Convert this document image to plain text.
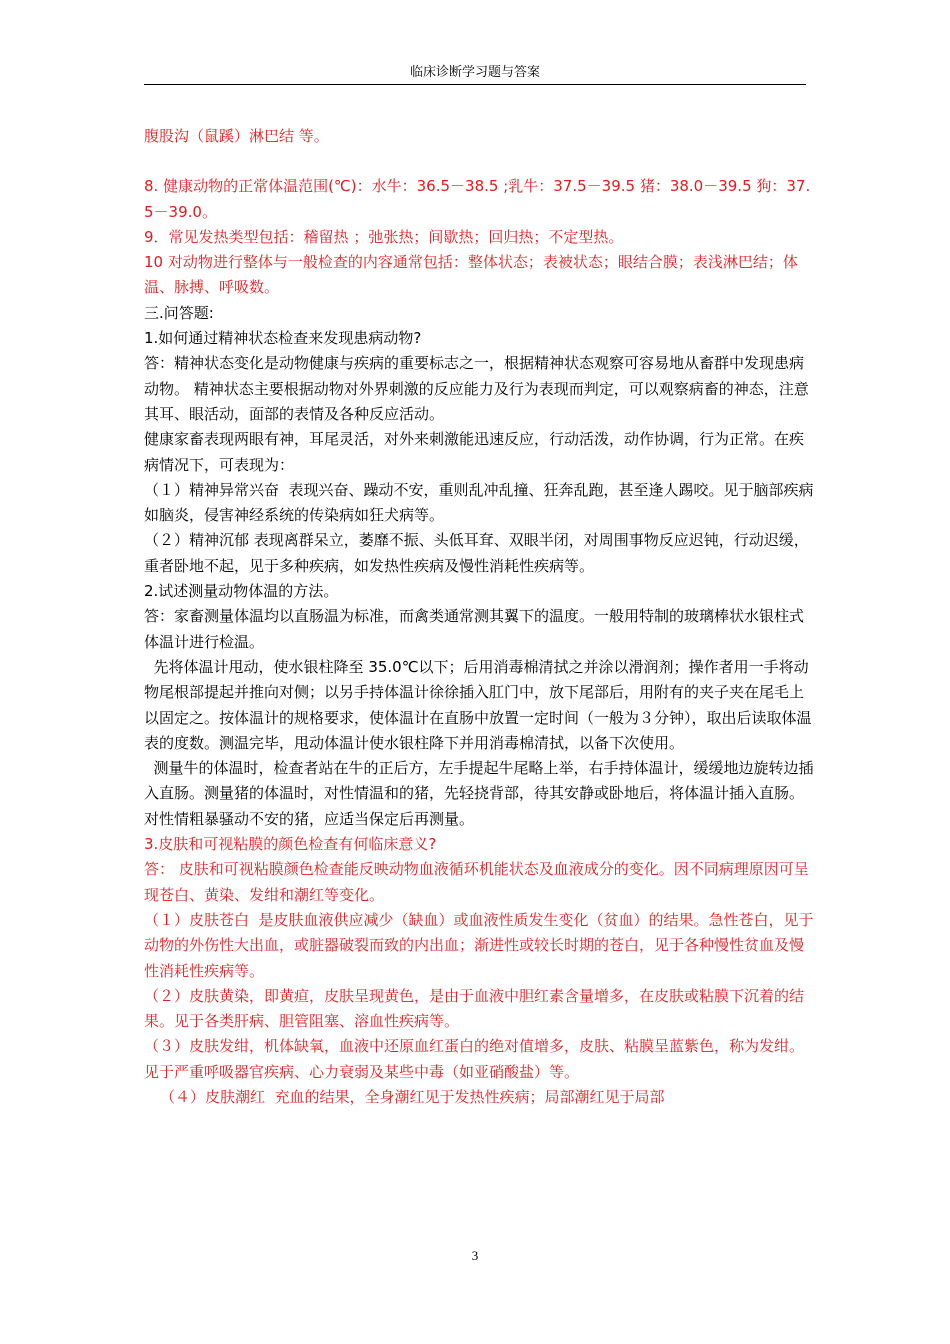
临床诊断学习题与答案

腹股沟（鼠蹊）淋巴结 等。

8. 健康动物的正常体温范围(℃)：水牛：36.5－38.5 ;乳牛：37.5－39.5 猪：38.0－39.5 狗：37.5－39.0。

9．常见发热类型包括：稽留热 ；弛张热；间歇热；回归热；不定型热。

10 对动物进行整体与一般检查的内容通常包括：整体状态；表被状态；眼结合膜；表浅淋巴结；体温、脉搏、呼吸数。

三.问答题:

1.如何通过精神状态检查来发现患病动物?

答：精神状态变化是动物健康与疾病的重要标志之一，根据精神状态观察可容易地从畜群中发现患病动物。 精神状态主要根据动物对外界刺激的反应能力及行为表现而判定，可以观察病畜的神态，注意其耳、眼活动，面部的表情及各种反应活动。

健康家畜表现两眼有神，耳尾灵活，对外来刺激能迅速反应，行动活泼，动作协调，行为正常。在疾病情况下，可表现为：

（１）精神异常兴奋  表现兴奋、躁动不安，重则乱冲乱撞、狂奔乱跑，甚至逢人踢咬。见于脑部疾病如脑炎，侵害神经系统的传染病如狂犬病等。

（２）精神沉郁 表现离群呆立，萎靡不振、头低耳耷、双眼半闭，对周围事物反应迟钝，行动迟缓，重者卧地不起，见于多种疾病，如发热性疾病及慢性消耗性疾病等。

2.试述测量动物体温的方法。

答：家畜测量体温均以直肠温为标准，而禽类通常测其翼下的温度。一般用特制的玻璃棒状水银柱式体温计进行检温。

先将体温计甩动，使水银柱降至 35.0℃以下；后用消毒棉清拭之并涂以滑润剂；操作者用一手将动物尾根部提起并推向对侧；以另手持体温计徐徐插入肛门中，放下尾部后，用附有的夹子夹在尾毛上以固定之。按体温计的规格要求，使体温计在直肠中放置一定时间（一般为３分钟），取出后读取体温表的度数。测温完毕，甩动体温计使水银柱降下并用消毒棉清拭，以备下次使用。

测量牛的体温时，检查者站在牛的正后方，左手提起牛尾略上举，右手持体温计，缓缓地边旋转边插入直肠。测量猪的体温时，对性情温和的猪，先轻挠背部，待其安静或卧地后，将体温计插入直肠。对性情粗暴骚动不安的猪，应适当保定后再测量。

3.皮肤和可视粘膜的颜色检查有何临床意义?

答： 皮肤和可视粘膜颜色检查能反映动物血液循环机能状态及血液成分的变化。因不同病理原因可呈现苍白、黄染、发绀和潮红等变化。

（１）皮肤苍白  是皮肤血液供应减少（缺血）或血液性质发生变化（贫血）的结果。急性苍白，见于动物的外伤性大出血，或脏器破裂而致的内出血；渐进性或较长时期的苍白，见于各种慢性贫血及慢性消耗性疾病等。

（２）皮肤黄染，即黄疸，皮肤呈现黄色，是由于血液中胆红素含量增多，在皮肤或粘膜下沉着的结果。见于各类肝病、胆管阻塞、溶血性疾病等。

（３）皮肤发绀，机体缺氧，血液中还原血红蛋白的绝对值增多，皮肤、粘膜呈蓝紫色，称为发绀。见于严重呼吸器官疾病、心力衰弱及某些中毒（如亚硝酸盐）等。

（４）皮肤潮红  充血的结果，全身潮红见于发热性疾病；局部潮红见于局部

3
